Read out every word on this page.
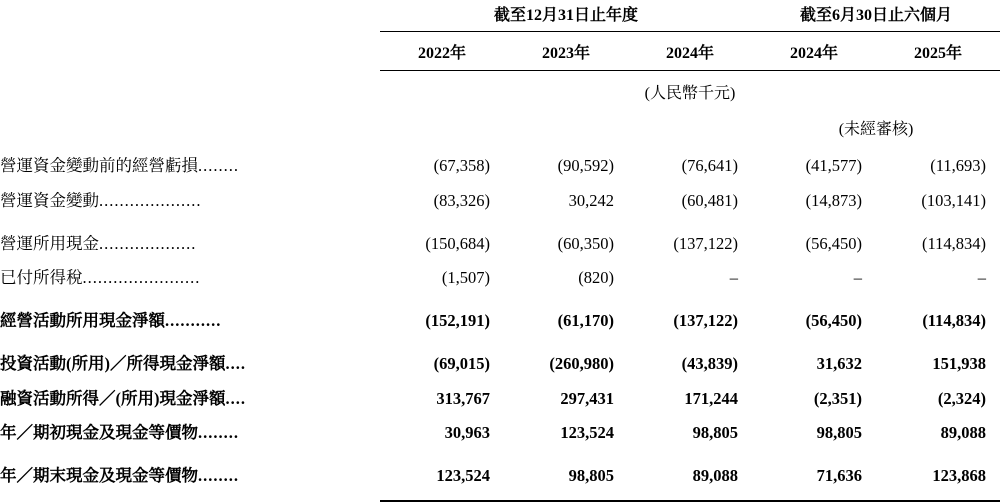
	截至12月31日止年度			截至6月30日止六個月	
	2022年	2023年	2024年	2024年	2025年
			(人民幣千元)		
				(未經審核)	
營運資金變動前的經營虧損........	(67,358)	(90,592)	(76,641)	(41,577)	(11,693)
營運資金變動....................	(83,326)	30,242	(60,481)	(14,873)	(103,141)
營運所用現金...................	(150,684)	(60,350)	(137,122)	(56,450)	(114,834)
已付所得稅.......................	(1,507)	(820)	–	–	–
經營活動所用現金淨額...........	(152,191)	(61,170)	(137,122)	(56,450)	(114,834)
投資活動(所用)／所得現金淨額....	(69,015)	(260,980)	(43,839)	31,632	151,938
融資活動所得／(所用)現金淨額....	313,767	297,431	171,244	(2,351)	(2,324)
年／期初現金及現金等價物........	30,963	123,524	98,805	98,805	89,088
年／期末現金及現金等價物........	123,524	98,805	89,088	71,636	123,868
